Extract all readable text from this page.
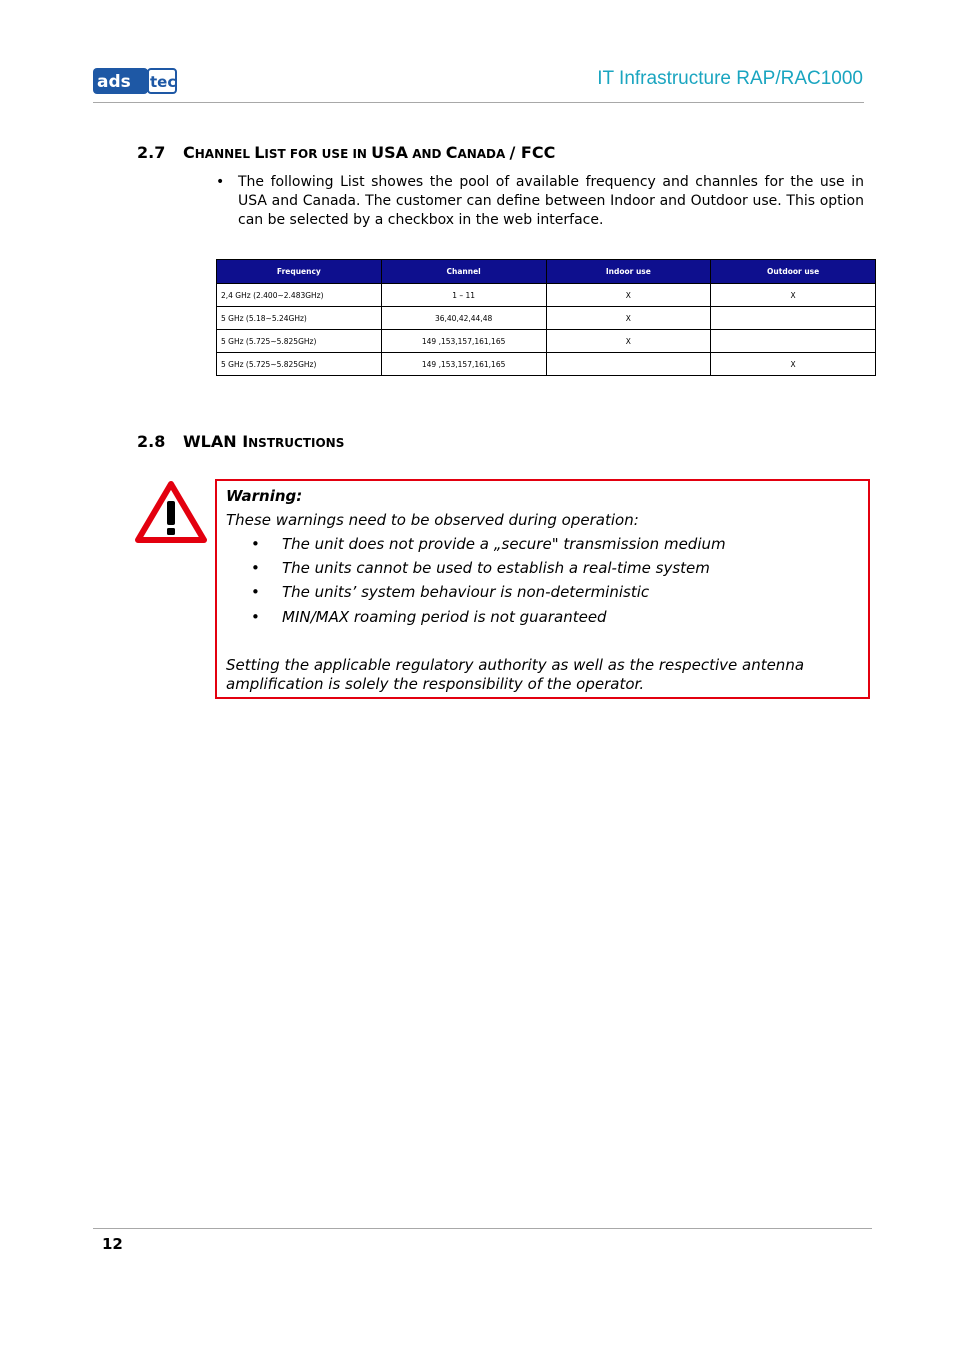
ads tec	IT Infrastructure RAP/RAC1000
2.7 CHANNEL LIST FOR USE IN USA AND CANADA / FCC
• The following List showes the pool of available frequency and channles for the use in USA and Canada. The customer can define between Indoor and Outdoor use. This option can be selected by a checkbox in the web interface.
Frequency	Channel	Indoor use	Outdoor use
2,4 GHz (2.400~2.483GHz)	1 – 11	X	X
5 GHz (5.18~5.24GHz)	36,40,42,44,48	X	
5 GHz (5.725~5.825GHz)	149 ,153,157,161,165	X	
5 GHz (5.725~5.825GHz)	149 ,153,157,161,165		X
2.8 WLAN INSTRUCTIONS
Warning:
These warnings need to be observed during operation:
• The unit does not provide a „secure" transmission medium
• The units cannot be used to establish a real-time system
• The units’ system behaviour is non-deterministic
• MIN/MAX roaming period is not guaranteed
Setting the applicable regulatory authority as well as the respective antenna amplification is solely the responsibility of the operator.
12
